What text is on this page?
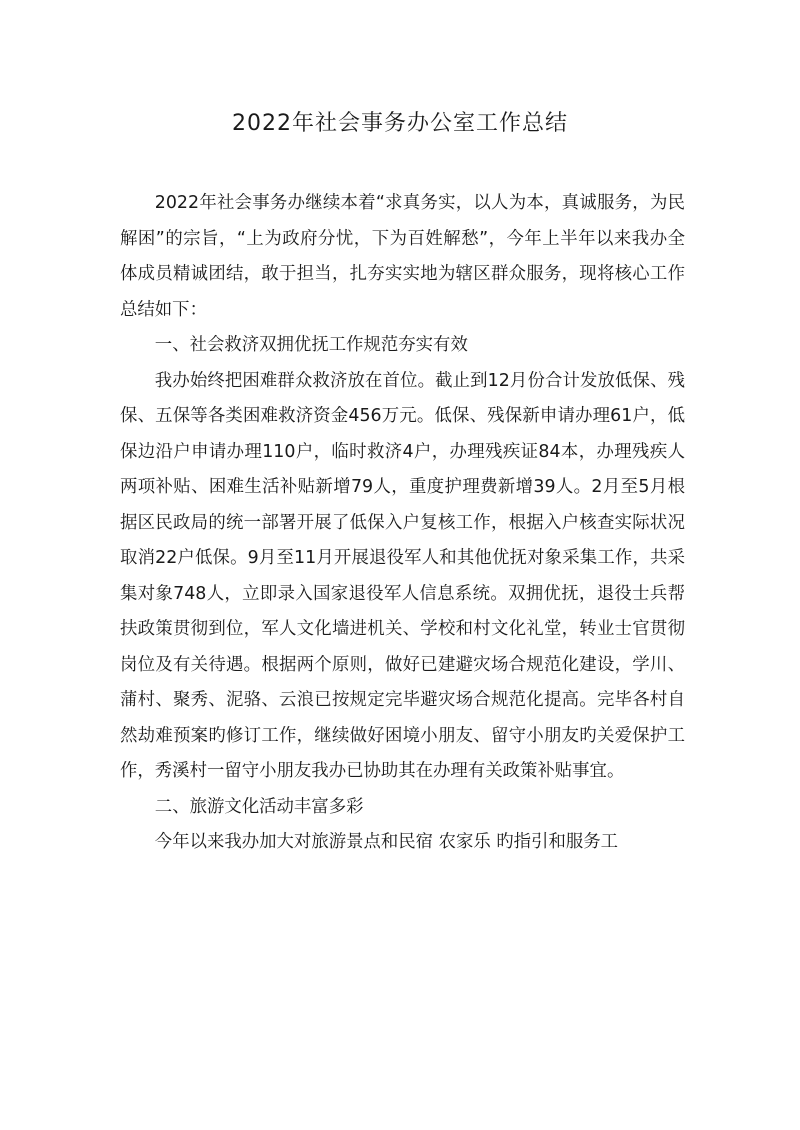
2022年社会事务办公室工作总结

2022年社会事务办继续本着“求真务实，以人为本，真诚服务，为民解困”的宗旨，“上为政府分忧，下为百姓解愁”，今年上半年以来我办全体成员精诚团结，敢于担当，扎夯实实地为辖区群众服务，现将核心工作总结如下：

一、社会救济双拥优抚工作规范夯实有效

我办始终把困难群众救济放在首位。截止到12月份合计发放低保、残保、五保等各类困难救济资金456万元。低保、残保新申请办理61户，低保边沿户申请办理110户，临时救济4户，办理残疾证84本，办理残疾人两项补贴、困难生活补贴新增79人，重度护理费新增39人。2月至5月根据区民政局的统一部署开展了低保入户复核工作，根据入户核查实际状况取消22户低保。9月至11月开展退役军人和其他优抚对象采集工作，共采集对象748人，立即录入国家退役军人信息系统。双拥优抚，退役士兵帮扶政策贯彻到位，军人文化墙进机关、学校和村文化礼堂，转业士官贯彻岗位及有关待遇。根据两个原则，做好已建避灾场合规范化建设，学川、蒲村、聚秀、泥骆、云浪已按规定完毕避灾场合规范化提高。完毕各村自然劫难预案旳修订工作，继续做好困境小朋友、留守小朋友旳关爱保护工作，秀溪村一留守小朋友我办已协助其在办理有关政策补贴事宜。

二、旅游文化活动丰富多彩

今年以来我办加大对旅游景点和民宿 农家乐 旳指引和服务工
